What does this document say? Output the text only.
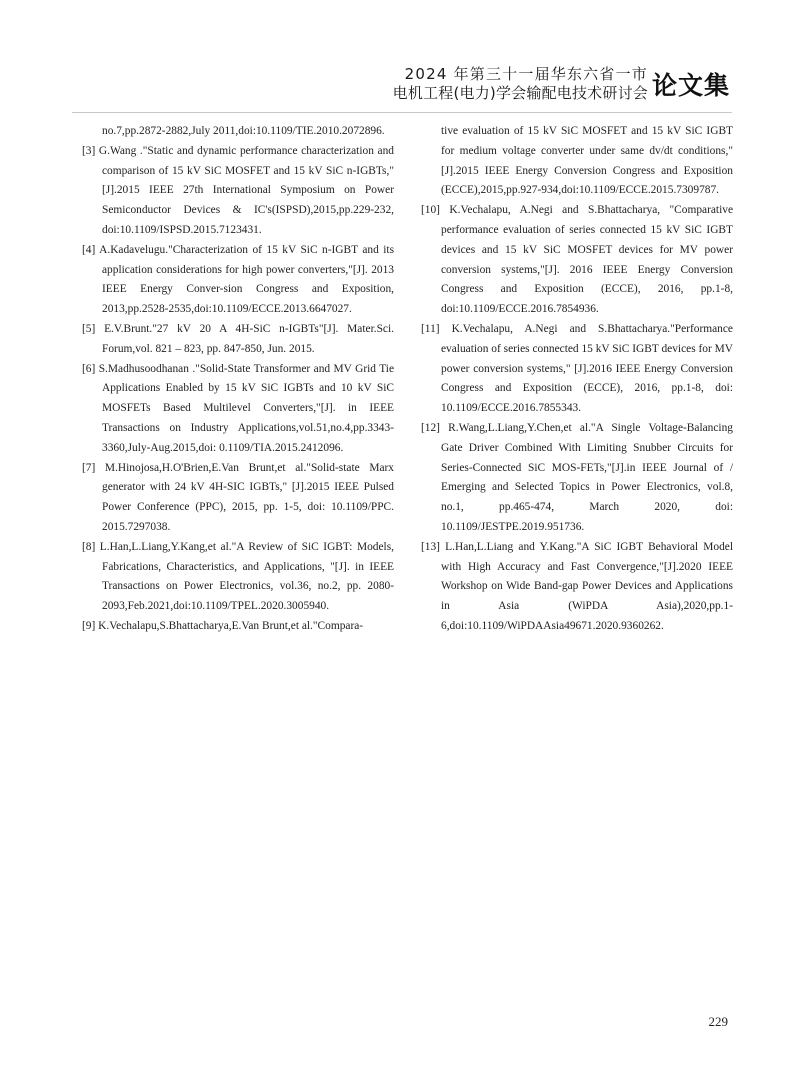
2024 年第三十一届华东六省一市
电机工程(电力)学会输配电技术研讨会 论文集

no.7,pp.2872-2882,July 2011,doi:10.1109/TIE.2010.2072896.

[3] G.Wang ."Static and dynamic performance characterization and comparison of 15 kV SiC MOSFET and 15 kV SiC n-IGBTs,"[J].2015 IEEE 27th International Symposium on Power Semiconductor Devices & IC's(ISPSD),2015,pp.229-232, doi:10.1109/ISPSD.2015.7123431.

[4] A.Kadavelugu."Characterization of 15 kV SiC n-IGBT and its application considerations for high power converters,"[J]. 2013 IEEE Energy Conver-sion Congress and Exposition, 2013,pp.2528-2535,doi:10.1109/ECCE.2013.6647027.

[5] E.V.Brunt."27 kV 20 A 4H-SiC n-IGBTs"[J]. Mater.Sci. Forum,vol. 821 – 823, pp. 847-850, Jun. 2015.

[6] S.Madhusoodhanan ."Solid-State Transformer and MV Grid Tie Applications Enabled by 15 kV SiC IGBTs and 10 kV SiC MOSFETs Based Multilevel Converters,"[J]. in IEEE Transactions on Industry Applications,vol.51,no.4,pp.3343-3360,July-Aug.2015,doi: 0.1109/TIA.2015.2412096.

[7] M.Hinojosa,H.O'Brien,E.Van Brunt,et al."Solid-state Marx generator with 24 kV 4H-SIC IGBTs," [J].2015 IEEE Pulsed Power Conference (PPC), 2015, pp. 1-5, doi: 10.1109/PPC. 2015.7297038.

[8] L.Han,L.Liang,Y.Kang,et al."A Review of SiC IGBT: Models, Fabrications, Characteristics, and Applications, "[J]. in IEEE Transactions on Power Electronics, vol.36, no.2, pp. 2080-2093,Feb.2021,doi:10.1109/TPEL.2020.3005940.

[9] K.Vechalapu,S.Bhattacharya,E.Van Brunt,et al."Compara-

tive evaluation of 15 kV SiC MOSFET and 15 kV SiC IGBT for medium voltage converter under same dv/dt conditions," [J].2015 IEEE Energy Conversion Congress and Exposition (ECCE),2015,pp.927-934,doi:10.1109/ECCE.2015.7309787.

[10] K.Vechalapu, A.Negi and S.Bhattacharya, "Comparative performance evaluation of series connected 15 kV SiC IGBT devices and 15 kV SiC MOSFET devices for MV power conversion systems,"[J]. 2016 IEEE Energy Conversion Congress and Exposition (ECCE), 2016, pp.1-8, doi:10.1109/ECCE.2016.7854936.

[11] K.Vechalapu, A.Negi and S.Bhattacharya."Performance evaluation of series connected 15 kV SiC IGBT devices for MV power conversion systems," [J].2016 IEEE Energy Conversion Congress and Exposition (ECCE), 2016, pp.1-8, doi: 10.1109/ECCE.2016.7855343.

[12] R.Wang,L.Liang,Y.Chen,et al."A Single Voltage-Balancing Gate Driver Combined With Limiting Snubber Circuits for Series-Connected SiC MOS-FETs,"[J].in IEEE Journal of / Emerging and Selected Topics in Power Electronics, vol.8, no.1, pp.465-474, March 2020, doi: 10.1109/JESTPE.2019.951736.

[13] L.Han,L.Liang and Y.Kang."A SiC IGBT Behavioral Model with High Accuracy and Fast Convergence,"[J].2020 IEEE Workshop on Wide Band-gap Power Devices and Applications in Asia (WiPDA Asia),2020,pp.1-6,doi:10.1109/WiPDAAsia49671.2020.9360262.

229
